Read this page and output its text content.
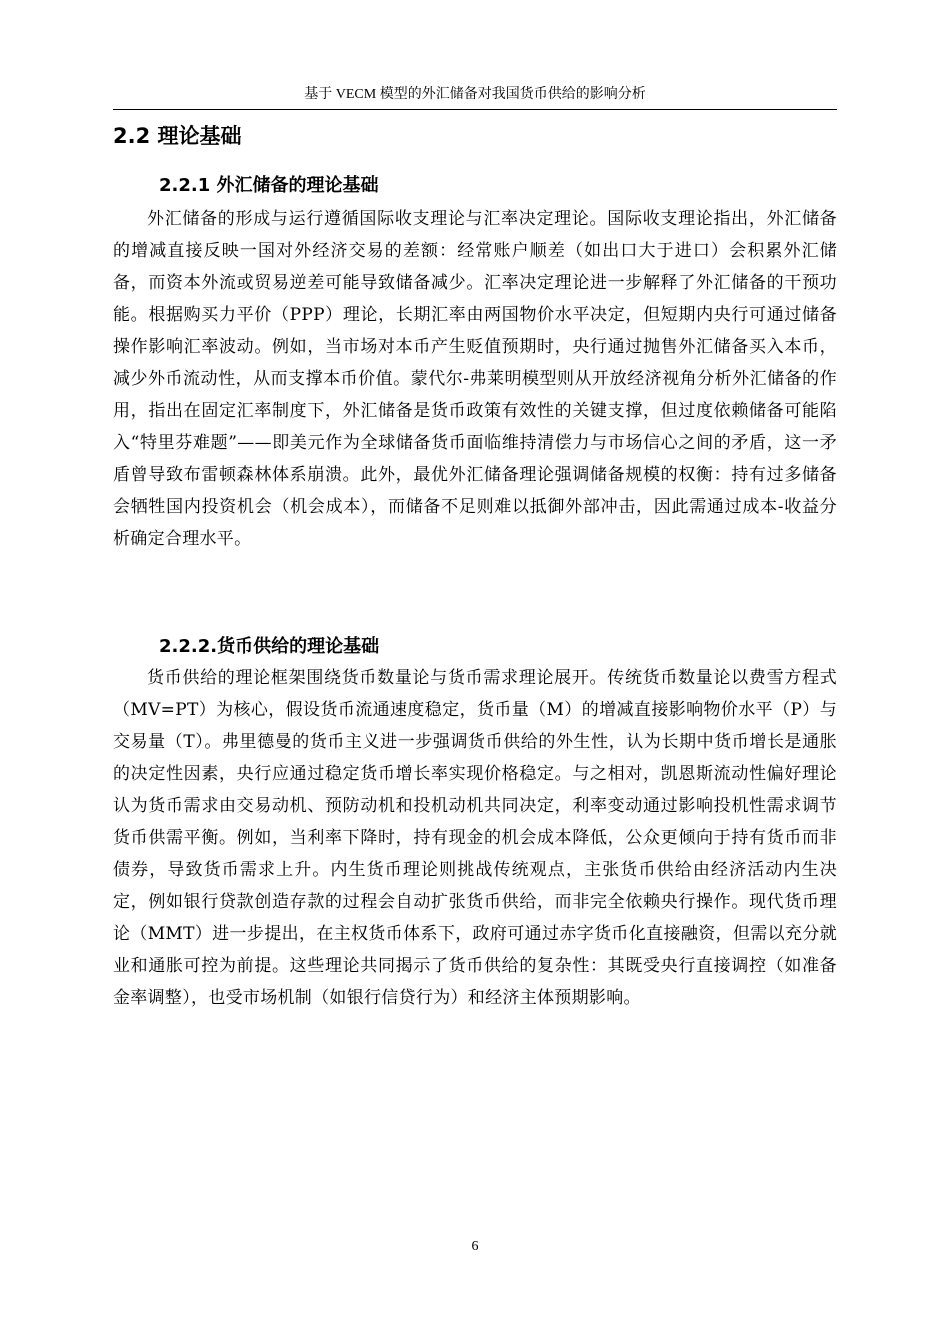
基于 VECM 模型的外汇储备对我国货币供给的影响分析
2.2 理论基础
2.2.1 外汇储备的理论基础

外汇储备的形成与运行遵循国际收支理论与汇率决定理论。国际收支理论指出，外汇储备的增减直接反映一国对外经济交易的差额：经常账户顺差（如出口大于进口）会积累外汇储备，而资本外流或贸易逆差可能导致储备减少。汇率决定理论进一步解释了外汇储备的干预功能。根据购买力平价（PPP）理论，长期汇率由两国物价水平决定，但短期内央行可通过储备操作影响汇率波动。例如，当市场对本币产生贬值预期时，央行通过抛售外汇储备买入本币，减少外币流动性，从而支撑本币价值。蒙代尔-弗莱明模型则从开放经济视角分析外汇储备的作用，指出在固定汇率制度下，外汇储备是货币政策有效性的关键支撑，但过度依赖储备可能陷入“特里芬难题”——即美元作为全球储备货币面临维持清偿力与市场信心之间的矛盾，这一矛盾曾导致布雷顿森林体系崩溃。此外，最优外汇储备理论强调储备规模的权衡：持有过多储备会牺牲国内投资机会（机会成本），而储备不足则难以抵御外部冲击，因此需通过成本-收益分析确定合理水平。

2.2.2.货币供给的理论基础

货币供给的理论框架围绕货币数量论与货币需求理论展开。传统货币数量论以费雪方程式（MV=PT）为核心，假设货币流通速度稳定，货币量（M）的增减直接影响物价水平（P）与交易量（T）。弗里德曼的货币主义进一步强调货币供给的外生性，认为长期中货币增长是通胀的决定性因素，央行应通过稳定货币增长率实现价格稳定。与之相对，凯恩斯流动性偏好理论认为货币需求由交易动机、预防动机和投机动机共同决定，利率变动通过影响投机性需求调节货币供需平衡。例如，当利率下降时，持有现金的机会成本降低，公众更倾向于持有货币而非债券，导致货币需求上升。内生货币理论则挑战传统观点，主张货币供给由经济活动内生决定，例如银行贷款创造存款的过程会自动扩张货币供给，而非完全依赖央行操作。现代货币理论（MMT）进一步提出，在主权货币体系下，政府可通过赤字货币化直接融资，但需以充分就业和通胀可控为前提。这些理论共同揭示了货币供给的复杂性：其既受央行直接调控（如准备金率调整），也受市场机制（如银行信贷行为）和经济主体预期影响。

6
